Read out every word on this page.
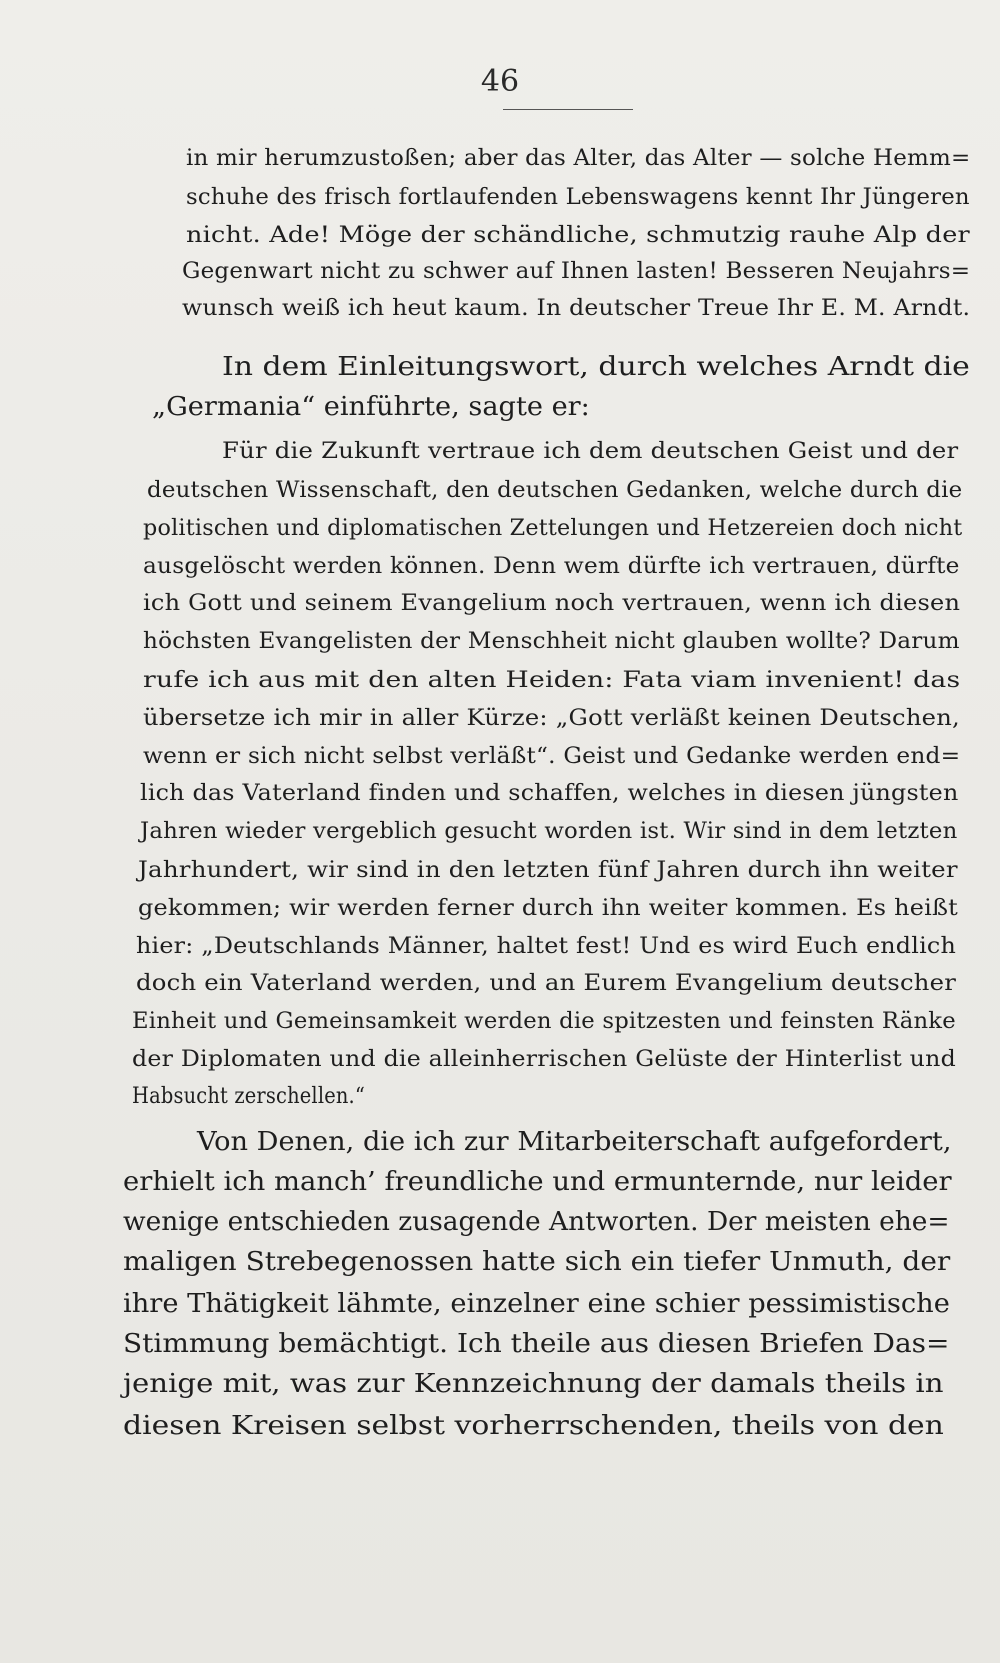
46
in mir herumzustoßen; aber das Alter, das Alter — solche Hemm=
schuhe des frisch fortlaufenden Lebenswagens kennt Ihr Jüngeren
nicht. Ade! Möge der schändliche, schmutzig rauhe Alp der
Gegenwart nicht zu schwer auf Ihnen lasten! Besseren Neujahrs=
wunsch weiß ich heut kaum. In deutscher Treue Ihr E. M. Arndt.
In dem Einleitungswort, durch welches Arndt die
„Germania“ einführte, sagte er:
Für die Zukunft vertraue ich dem deutschen Geist und der
deutschen Wissenschaft, den deutschen Gedanken, welche durch die
politischen und diplomatischen Zettelungen und Hetzereien doch nicht
ausgelöscht werden können. Denn wem dürfte ich vertrauen, dürfte
ich Gott und seinem Evangelium noch vertrauen, wenn ich diesen
höchsten Evangelisten der Menschheit nicht glauben wollte? Darum
rufe ich aus mit den alten Heiden: Fata viam invenient! das
übersetze ich mir in aller Kürze: „Gott verläßt keinen Deutschen,
wenn er sich nicht selbst verläßt“. Geist und Gedanke werden end=
lich das Vaterland finden und schaffen, welches in diesen jüngsten
Jahren wieder vergeblich gesucht worden ist. Wir sind in dem letzten
Jahrhundert, wir sind in den letzten fünf Jahren durch ihn weiter
gekommen; wir werden ferner durch ihn weiter kommen. Es heißt
hier: „Deutschlands Männer, haltet fest! Und es wird Euch endlich
doch ein Vaterland werden, und an Eurem Evangelium deutscher
Einheit und Gemeinsamkeit werden die spitzesten und feinsten Ränke
der Diplomaten und die alleinherrischen Gelüste der Hinterlist und
Habsucht zerschellen.“
Von Denen, die ich zur Mitarbeiterschaft aufgefordert,
erhielt ich manch’ freundliche und ermunternde, nur leider
wenige entschieden zusagende Antworten. Der meisten ehe=
maligen Strebegenossen hatte sich ein tiefer Unmuth, der
ihre Thätigkeit lähmte, einzelner eine schier pessimistische
Stimmung bemächtigt. Ich theile aus diesen Briefen Das=
jenige mit, was zur Kennzeichnung der damals theils in
diesen Kreisen selbst vorherrschenden, theils von den
